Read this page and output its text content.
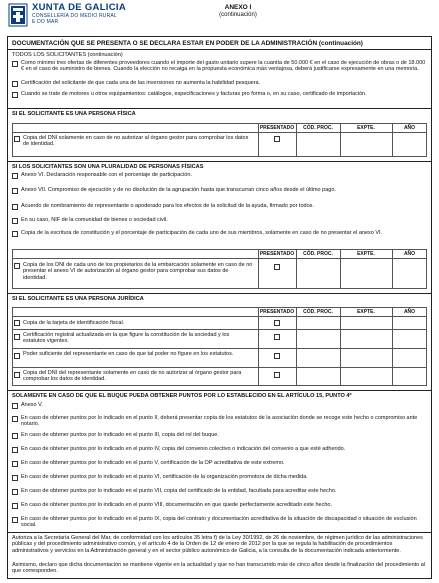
XUNTA DE GALICIA
CONSELLERÍA DO MEDIO RURAL
E DO MAR
ANEXO I
(continuación)
DOCUMENTACIÓN QUE SE PRESENTA O SE DECLARA ESTAR EN PODER DE LA ADMINISTRACIÓN (continuación)
TODOS LOS SOLICITANTES (continuación)
Como mínimo tres ofertas de diferentes proveedores cuando el importe del gasto unitario supere la cuantía de 50.000 € en el caso de ejecución de obras o de 18.000 € en el caso de suministro de bienes. Cuando la elección no recaiga en la propuesta económica más ventajosa, deberá justificarse expresamente en una memoria.
Certificación del solicitante de que cada una de las inversiones no aumenta la habilidad pesquera.
Cuando se trate de motores u otros equipamientos: catálogos, especificaciones y facturas pro forma o, en su caso, certificado de importación.
SI EL SOLICITANTE ES UNA PERSONA FÍSICA
PRESENTADO	CÓD. PROC.	EXPTE.	AÑO
Copia del DNI solamente en caso de no autorizar al órgano gestor para comprobar los datos de identidad.
SI LOS SOLICITANTES SON UNA PLURALIDAD DE PERSONAS FÍSICAS
Anexo VI. Declaración responsable con el porcentaje de participación.
Anexo VII. Compromiso de ejecución y de no disolución de la agrupación hasta que transcurran cinco años desde el último pago.
Acuerdo de nombramiento de representante o apoderado para los efectos de la solicitud de la ayuda, firmado por todos.
En su caso, NIF de la comunidad de bienes o sociedad civil.
Copia de la escritura de constitución y el porcentaje de participación de cada uno de sus miembros, solamente en caso de no presentar el anexo VI.
PRESENTADO	CÓD. PROC.	EXPTE.	AÑO
Copia de los DNI de cada uno de los propietarios de la embarcación solamente en caso de no presentar el anexo VI de autorización al órgano gestor para comprobar sus datos de identidad.
SI EL SOLICITANTE ES UNA PERSONA JURÍDICA
PRESENTADO	CÓD. PROC.	EXPTE.	AÑO
Copia de la tarjeta de identificación fiscal.
Certificación registral actualizada en la que figure la constitución de la sociedad y los estatutos vigentes.
Poder suficiente del representante en caso de que tal poder no figure en los estatutos.
Copia del DNI del representante solamente en caso de no autorizar al órgano gestor para comprobar los datos de identidad.
SOLAMENTE EN CASO DE QUE EL BUQUE PUEDA OBTENER PUNTOS POR LO ESTABLECIDO EN EL ARTÍCULO 15, PUNTO 4º
Anexo V.
En caso de obtener puntos por lo indicado en el punto II, deberá presentar copia de los estatutos de la asociación donde se recoge este hecho o compromiso ante notario.
En caso de obtener puntos por lo indicado en el punto III, copia del rol del buque.
En caso de obtener puntos por lo indicado en el punto IV, copia del convenio colectivo o indicación del convenio a que esté adherido.
En caso de obtener puntos por lo indicado en el punto V, certificación de la OP acreditativa de este extremo.
En caso de obtener puntos por lo indicado en el punto VI, certificación de la organización promotora de dicha medida.
En caso de obtener puntos por lo indicado en el punto VII, copia del certificado de la entidad, facultada para acreditar este hecho.
En caso de obtener puntos por lo indicado en el punto VIII, documentación en que quede perfectamente acreditado este hecho.
En caso de obtener puntos por lo indicado en el punto IX, copia del contrato y documentación acreditativa de la situación de discapacidad o situación de exclusión social.
Autoriza a la Secretaría General del Mar, de conformidad con los artículos 35 letra f) de la Ley 30/1992, de 26 de noviembre, de régimen jurídico de las administraciones públicas y del procedimiento administrativo común, y el artículo 4 de la Orden de 12 de enero de 2012 por la que se regula la habilitación de procedimientos administrativos y servicios en la Administración general y en el sector público autonómico de Galicia, a la consulta de la documentación indicada anteriormente.
Asimismo, declaro que dicha documentación se mantiene vigente en la actualidad y que no han transcurrido más de cinco años desde la finalización del procedimiento al que corresponden.
